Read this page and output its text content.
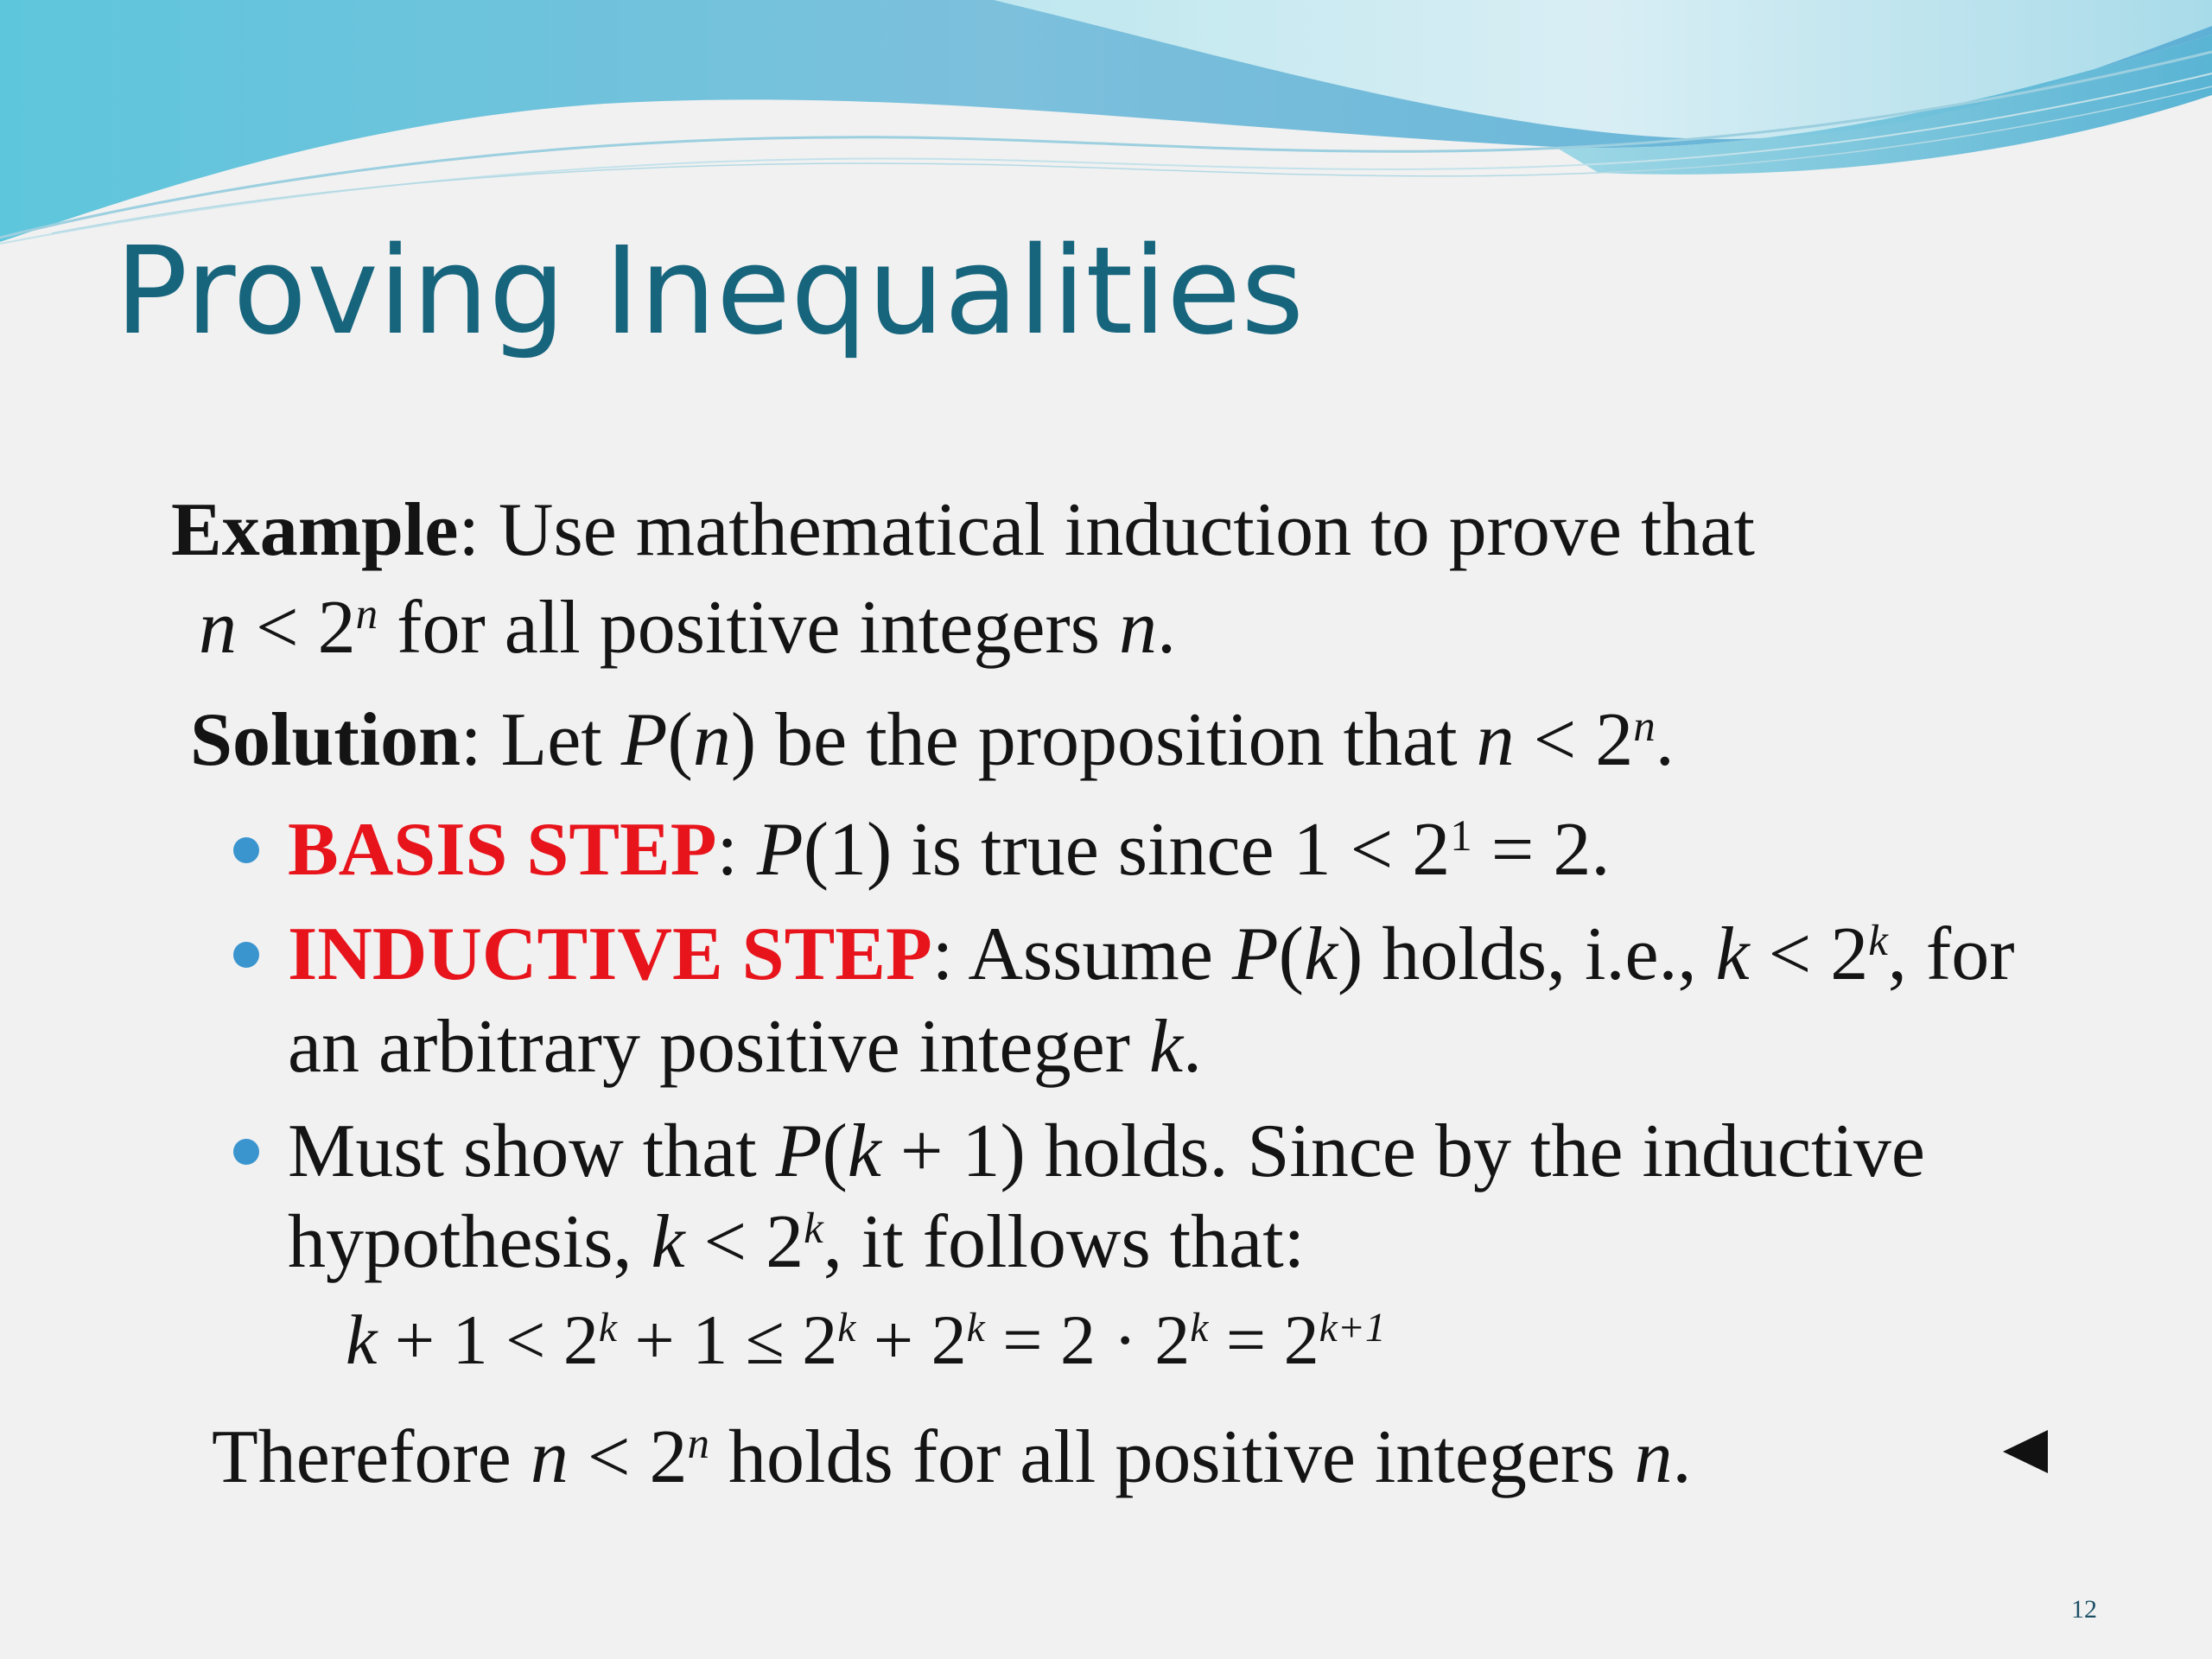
Proving Inequalities
Example: Use mathematical induction to prove that
$n < 2^n$ for all positive integers n.
Solution: Let P(n) be the proposition that $n < 2^n$.
BASIS STEP: P(1) is true since $1 < 2^1 = 2$.
INDUCTIVE STEP: Assume P(k) holds, i.e., $k < 2^k$, for
an arbitrary positive integer k.
Must show that P(k + 1) holds. Since by the inductive
hypothesis, $k < 2^k$, it follows that:
$k + 1 < 2^k + 1 \le 2^k + 2^k = 2 \cdot 2^k = 2^{k+1}$
Therefore $n < 2^n$ holds for all positive integers n.
12
